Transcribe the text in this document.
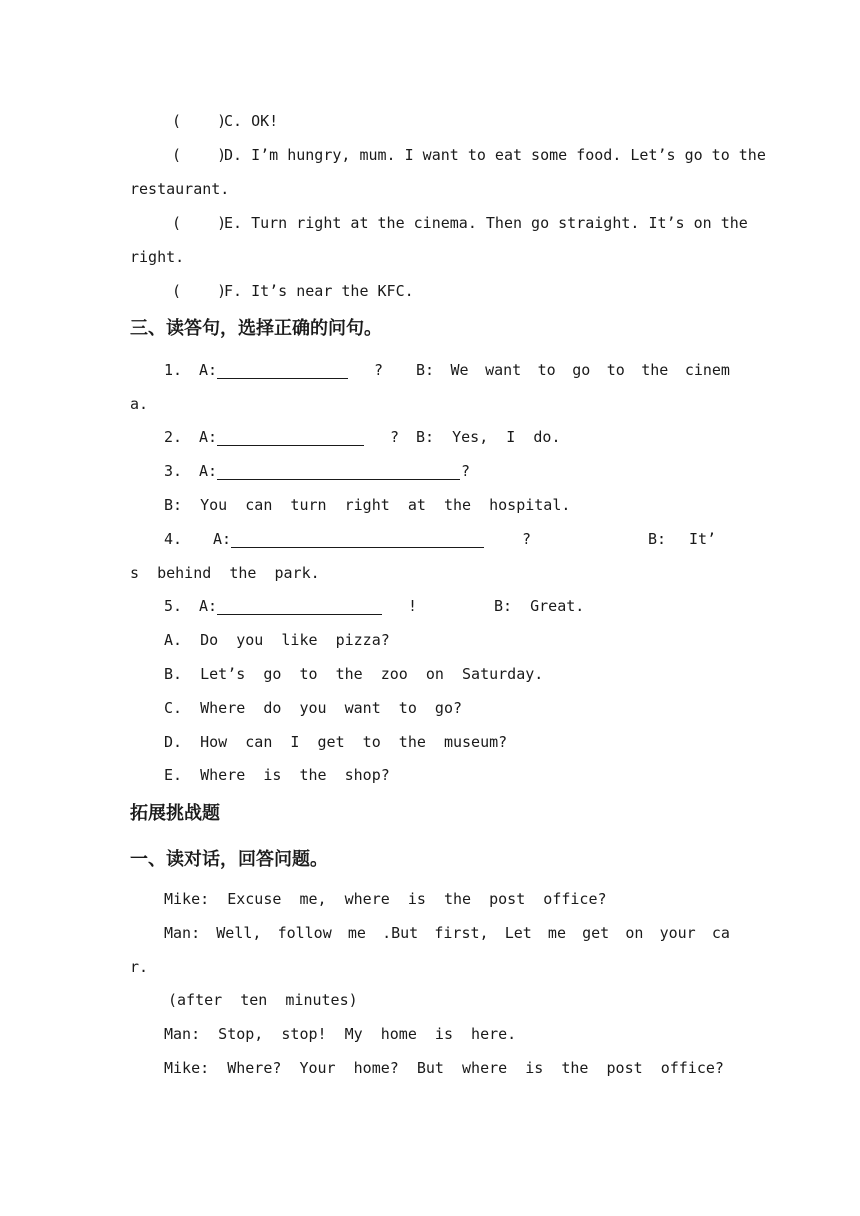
(    )
C. OK!
(    )
D. I’m hungry, mum. I want to eat some food. Let’s go to the
restaurant.
(    )
E. Turn right at the cinema. Then go straight. It’s on the
right.
(    )
F. It’s near the KFC.
三、读答句，选择正确的问句。
1. A:	? B: We want to go to the cinem
a.
2. A:	? B:  Yes,  I  do.
3. A:	?
B:  You  can  turn  right  at  the  hospital.
4. A:	?	B: It’
s  behind  the  park.
5. A:	!	B:  Great.
A.  Do  you  like  pizza?
B.  Let’s  go  to  the  zoo  on  Saturday.
C.  Where  do  you  want  to  go?
D.  How  can  I  get  to  the  museum?
E.  Where  is  the  shop?
拓展挑战题
一、读对话，回答问题。
Mike:  Excuse  me,  where  is  the  post  office?
Man: Well, follow me .But first, Let me get on your ca
r.
(after  ten  minutes)
Man:  Stop,  stop!  My  home  is  here.
Mike:  Where?  Your  home?  But  where  is  the  post  office?
